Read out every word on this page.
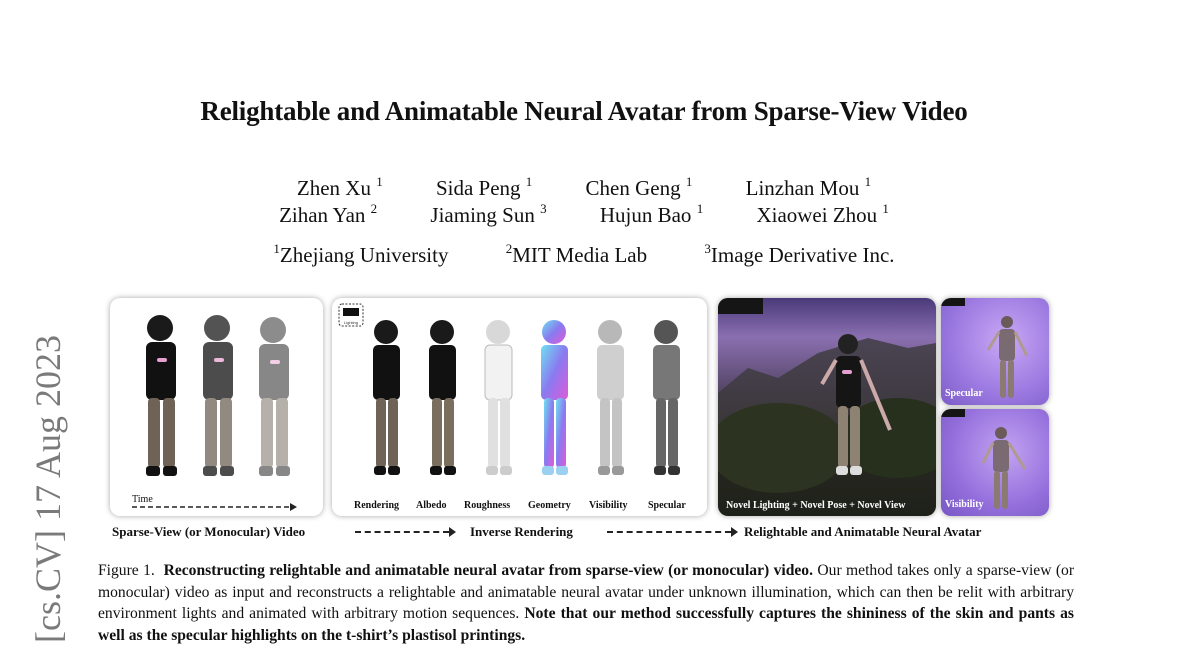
[cs.CV] 17 Aug 2023
Relightable and Animatable Neural Avatar from Sparse-View Video
Zhen Xu $^1$	Sida Peng $^1$	Chen Geng $^1$	Linzhan Mou $^1$
Zihan Yan $^2$	Jiaming Sun $^3$	Hujun Bao $^1$	Xiaowei Zhou $^1$
$^1$Zhejiang University	$^2$MIT Media Lab	$^3$Image Derivative Inc.
Time
Lighting
Rendering Albedo Roughness Geometry Visibility Specular	Novel Lighting + Novel Pose + Novel View
Specular
Visibility
Sparse-View (or Monocular) Video	Inverse Rendering	Relightable and Animatable Neural Avatar
Figure 1. Reconstructing relightable and animatable neural avatar from sparse-view (or monocular) video. Our method takes only a sparse-view (or monocular) video as input and reconstructs a relightable and animatable neural avatar under unknown illumination, which can then be relit with arbitrary environment lights and animated with arbitrary motion sequences. Note that our method successfully captures the shininess of the skin and pants as well as the specular highlights on the t-shirt’s plastisol printings.
